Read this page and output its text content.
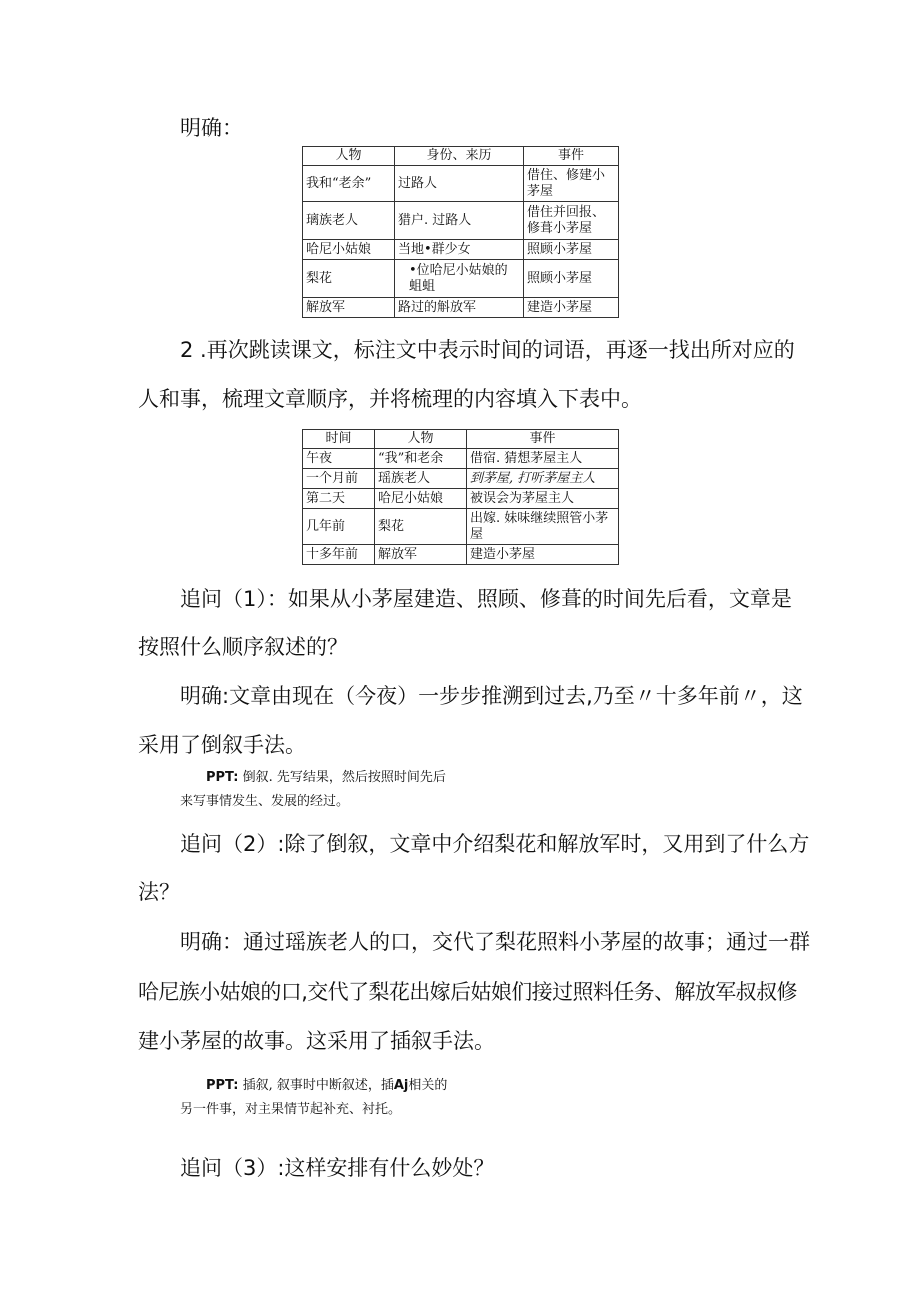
明确：
人物	身份、来历	事件
我和“老余”	过路人	借住、修建小茅屋
璃族老人	猎户. 过路人	借住并回报、修葺小茅屋
哈尼小姑娘	当地•群少女	照顾小茅屋
梨花	•位哈尼小姑娘的蛆蛆	照顾小茅屋
解放军	路过的斛放军	建造小茅屋
2 .再次跳读课文，标注文中表示时间的词语，再逐一找出所对应的
人和事，梳理文章顺序，并将梳理的内容填入下表中。
时间	人物	事件
午夜	“我”和老余	借宿. 猜想茅屋主人
一个月前	瑶族老人	到茅屋, 打听茅屋主人
第二天	哈尼小姑娘	被误会为茅屋主人
几年前	梨花	出嫁. 妹味继续照管小茅屋
十多年前	解放军	建造小茅屋
追问（1）：如果从小茅屋建造、照顾、修葺的时间先后看，文章是
按照什么顺序叙述的？
明确:文章由现在（今夜）一步步推溯到过去,乃至〃十多年前〃，这
采用了倒叙手法。
PPT: 倒叙. 先写结果，然后按照时间先后
来写事情发生、发展的经过。
追问（2）:除了倒叙，文章中介绍梨花和解放军时，又用到了什么方
法？
明确：通过瑶族老人的口，交代了梨花照料小茅屋的故事；通过一群
哈尼族小姑娘的口,交代了梨花出嫁后姑娘们接过照料任务、解放军叔叔修
建小茅屋的故事。这采用了插叙手法。
PPT: 插叙, 叙事时中断叙述，插Aj相关的
另一件事，对主果情节起补充、衬托。
追问（3）:这样安排有什么妙处？
